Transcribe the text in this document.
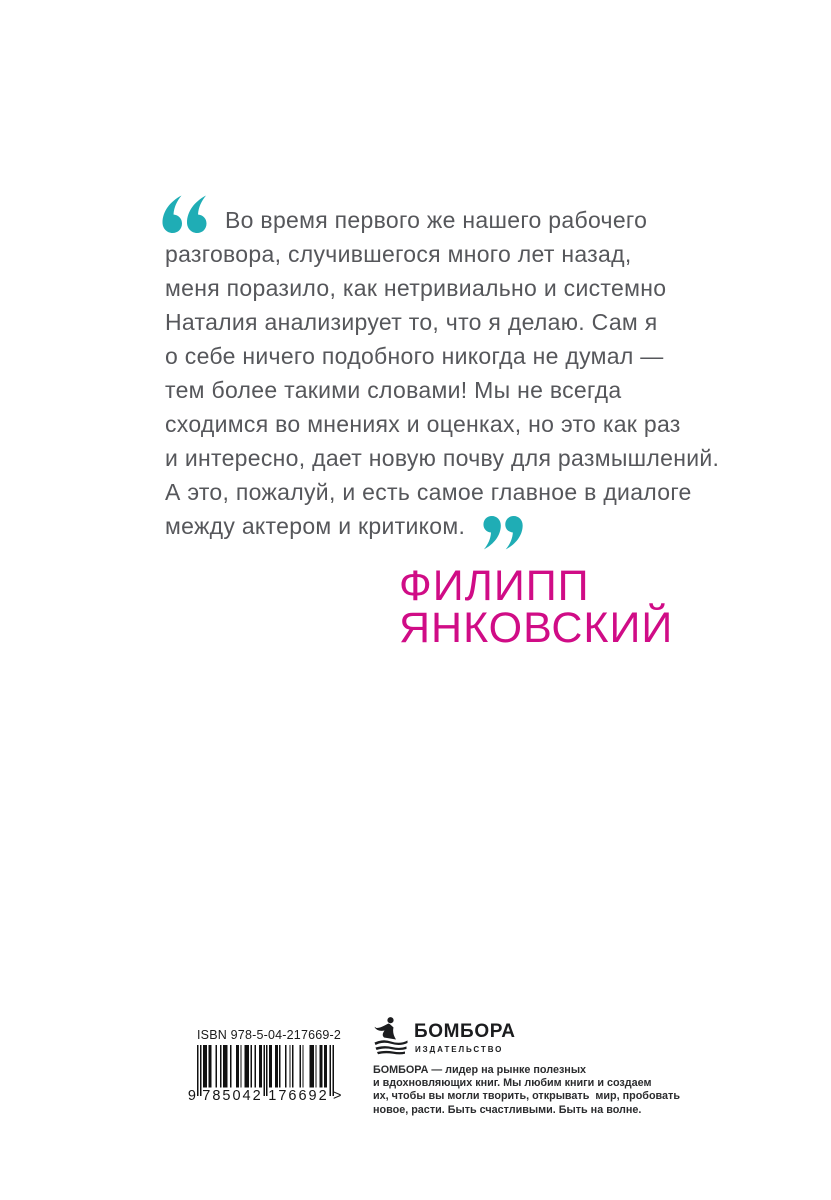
Во время первого же нашего рабочего
разговора, случившегося много лет назад,
меня поразило, как нетривиально и системно
Наталия анализирует то, что я делаю. Сам я
о себе ничего подобного никогда не думал —
тем более такими словами! Мы не всегда
сходимся во мнениях и оценках, но это как раз
и интересно, дает новую почву для размышлений.
А это, пожалуй, и есть самое главное в диалоге
между актером и критиком.
ФИЛИПП
ЯНКОВСКИЙ
ISBN 978-5-04-217669-2
9 785042 176692 >
БОМБОРА
ИЗДАТЕЛЬСТВО
БОМБОРА — лидер на рынке полезных
и вдохновляющих книг. Мы любим книги и создаем
их, чтобы вы могли творить, открывать  мир, пробовать
новое, расти. Быть счастливыми. Быть на волне.
